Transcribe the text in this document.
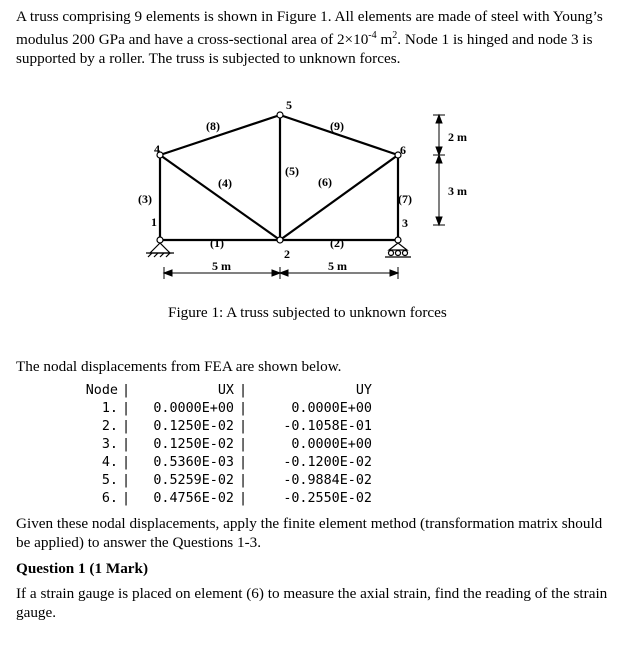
A truss comprising 9 elements is shown in Figure 1. All elements are made of steel with Young’s modulus 200 GPa and have a cross-sectional area of $2\times 10^{-4}$ $m^2$. Node 1 is hinged and node 3 is supported by a roller. The truss is subjected to unknown forces.
1
2
3
4
5
6
(1)	(2)
(3)
(4)
(5)
(6)
(7)
(8)	(9)
5 m	5 m
2 m
3 m
Figure 1: A truss subjected to unknown forces
The nodal displacements from FEA are shown below.
Node	|	UX	|	UY
1.	|	0.0000E+00	|	0.0000E+00
2.	|	0.1250E-02	|	-0.1058E-01
3.	|	0.1250E-02	|	0.0000E+00
4.	|	0.5360E-03	|	-0.1200E-02
5.	|	0.5259E-02	|	-0.9884E-02
6.	|	0.4756E-02	|	-0.2550E-02
Given these nodal displacements, apply the finite element method (transformation matrix should be applied) to answer the Questions 1-3.
Question 1 (1 Mark)
If a strain gauge is placed on element (6) to measure the axial strain, find the reading of the strain gauge.
